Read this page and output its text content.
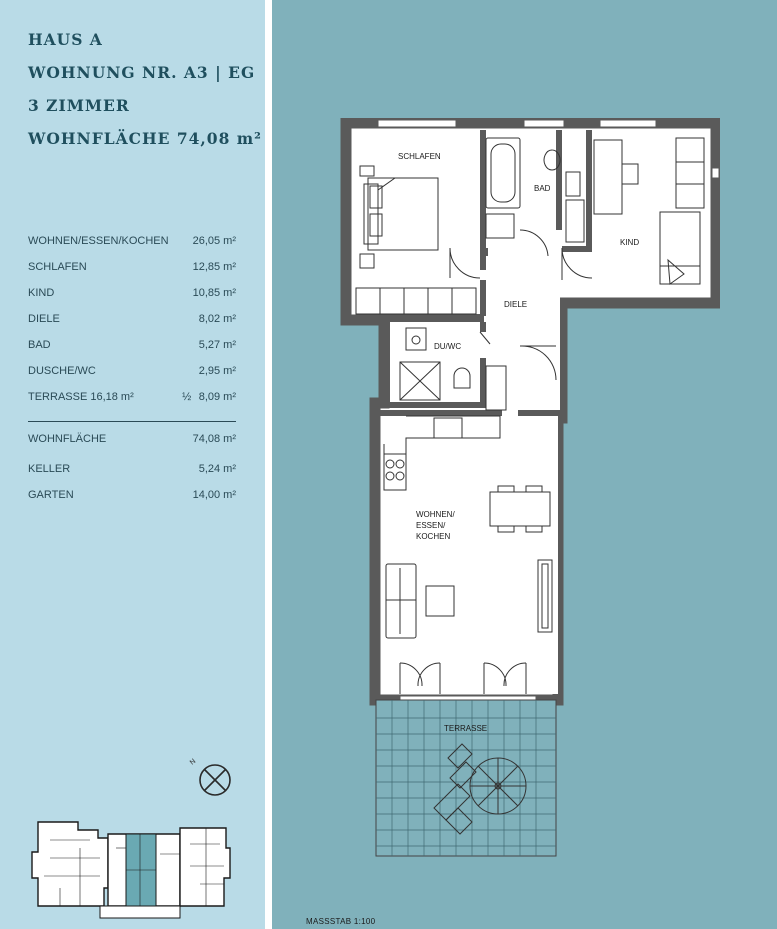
HAUS A
WOHNUNG NR. A3 | EG
3 ZIMMER
WOHNFLÄCHE 74,08 m²
WOHNEN/ESSEN/KOCHEN		26,05 m²
SCHLAFEN		12,85 m²
KIND		10,85 m²
DIELE		8,02 m²
BAD		5,27 m²
DUSCHE/WC		2,95 m²
TERRASSE 16,18 m²	½	8,09 m²

WOHNFLÄCHE		74,08 m²
KELLER		5,24 m²
GARTEN		14,00 m²
N
SCHLAFEN
BAD
KIND
DIELE
DU/WC
WOHNEN/
ESSEN/
KOCHEN
TERRASSE
MASSSTAB 1:100
